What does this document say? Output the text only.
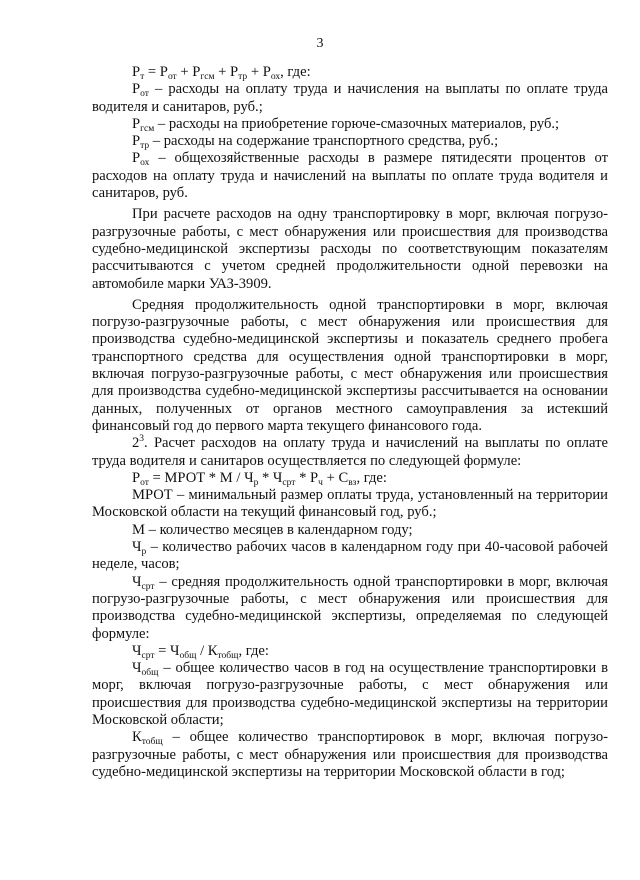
3

$Р_т = Р_{от} + Р_{гсм} + Р_{тр} + Р_{ох}$, где:

$Р_{от}$ – расходы на оплату труда и начисления на выплаты по оплате труда водителя и санитаров, руб.;

$Р_{гсм}$ – расходы на приобретение горюче-смазочных материалов, руб.;

$Р_{тр}$ – расходы на содержание транспортного средства, руб.;

$Р_{ох}$ – общехозяйственные расходы в размере пятидесяти процентов от расходов на оплату труда и начислений на выплаты по оплате труда водителя и санитаров, руб.

При расчете расходов на одну транспортировку в морг, включая погрузо-разгрузочные работы, с мест обнаружения или происшествия для производства судебно-медицинской экспертизы расходы по соответствующим показателям рассчитываются с учетом средней продолжительности одной перевозки на автомобиле марки УАЗ-3909.

Средняя продолжительность одной транспортировки в морг, включая погрузо-разгрузочные работы, с мест обнаружения или происшествия для производства судебно-медицинской экспертизы и показатель среднего пробега транспортного средства для осуществления одной транспортировки в морг, включая погрузо-разгрузочные работы, с мест обнаружения или происшествия для производства судебно-медицинской экспертизы рассчитывается на основании данных, полученных от органов местного самоуправления за истекший финансовый год до первого марта текущего финансового года.

$2^3$. Расчет расходов на оплату труда и начислений на выплаты по оплате труда водителя и санитаров осуществляется по следующей формуле:

$Р_{от}$ = МРОТ * $М / Ч_р * Ч_{срт} * Р_ч + С_{вз}$, где:

МРОТ – минимальный размер оплаты труда, установленный на территории Московской области на текущий финансовый год, руб.;

М – количество месяцев в календарном году;

$Ч_р$ – количество рабочих часов в календарном году при 40-часовой рабочей неделе, часов;

$Ч_{срт}$ – средняя продолжительность одной транспортировки в морг, включая погрузо-разгрузочные работы, с мест обнаружения или происшествия для производства судебно-медицинской экспертизы, определяемая по следующей формуле:

$Ч_{срт} = Ч_{общ} / К_{тобщ}$, где:

$Ч_{общ}$ – общее количество часов в год на осуществление транспортировки в морг, включая погрузо-разгрузочные работы, с мест обнаружения или происшествия для производства судебно-медицинской экспертизы на территории Московской области;

$К_{тобщ}$ – общее количество транспортировок в морг, включая погрузо-разгрузочные работы, с мест обнаружения или происшествия для производства судебно-медицинской экспертизы на территории Московской области в год;
